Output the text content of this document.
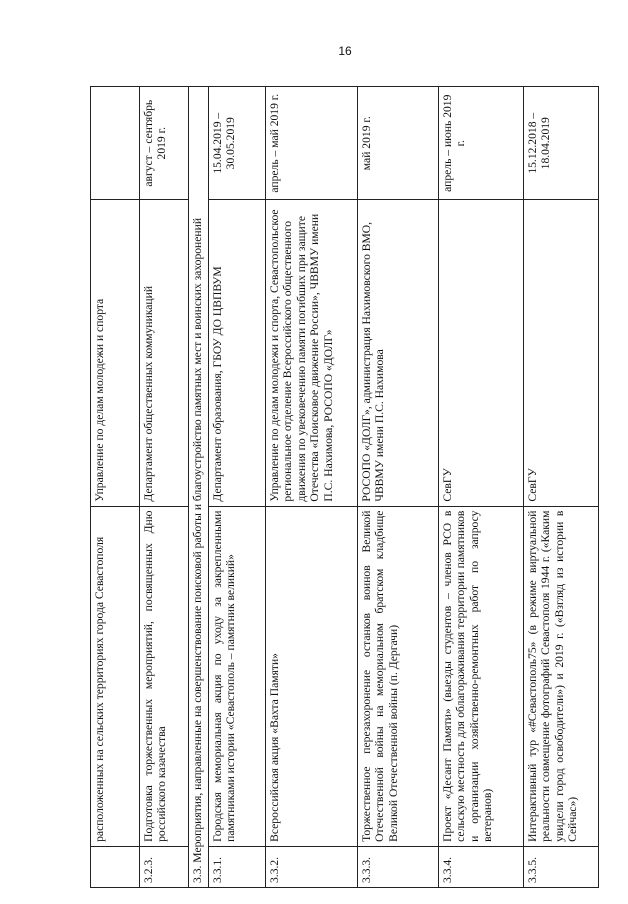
16
	расположенных на сельских территориях города Севастополя	Управление по делам молодежи и спорта	
3.2.3.	Подготовка торжественных мероприятий, посвященных Дню российского казачества	Департамент общественных коммуникаций	август – сентябрь 2019 г.
3.3. Мероприятия, направленные на совершенствование поисковой работы и благоустройство памятных мест и воинских захоронений			
3.3.1.	Городская мемориальная акция по уходу за закрепленными памятниками истории «Севастополь – памятник великий»	Департамент образования, ГБОУ ДО ЦВПВУМ	15.04.2019 – 30.05.2019
3.3.2.	Всероссийская акция «Вахта Памяти»	Управление по делам молодежи и спорта, Севастопольское региональное отделение Всероссийского общественного движения по увековечению памяти погибших при защите Отечества «Поисковое движение России», ЧВВМУ имени П.С. Нахимова, РОСОПО «ДОЛГ»	апрель – май 2019 г.
3.3.3.	Торжественное перезахоронение останков воинов Великой Отечественной войны на мемориальном братском кладбище Великой Отечественной войны (п. Дергачи)	РОСОПО «ДОЛГ», администрация Нахимовского ВМО, ЧВВМУ имени П.С. Нахимова	май 2019 г.
3.3.4.	Проект «Десант Памяти» (выезды студентов – членов РСО в сельскую местность для облагораживания территории памятников и организации хозяйственно-ремонтных работ по запросу ветеранов)	СевГУ	апрель – июнь 2019 г.
3.3.5.	Интерактивный тур «#Севастополь75» (в режиме виртуальной реальности совмещение фотографий Севастополя 1944 г. («Каким увидели город освободители») и 2019 г. («Взгляд из истории в Сейчас»)	СевГУ	15.12.2018 – 18.04.2019
